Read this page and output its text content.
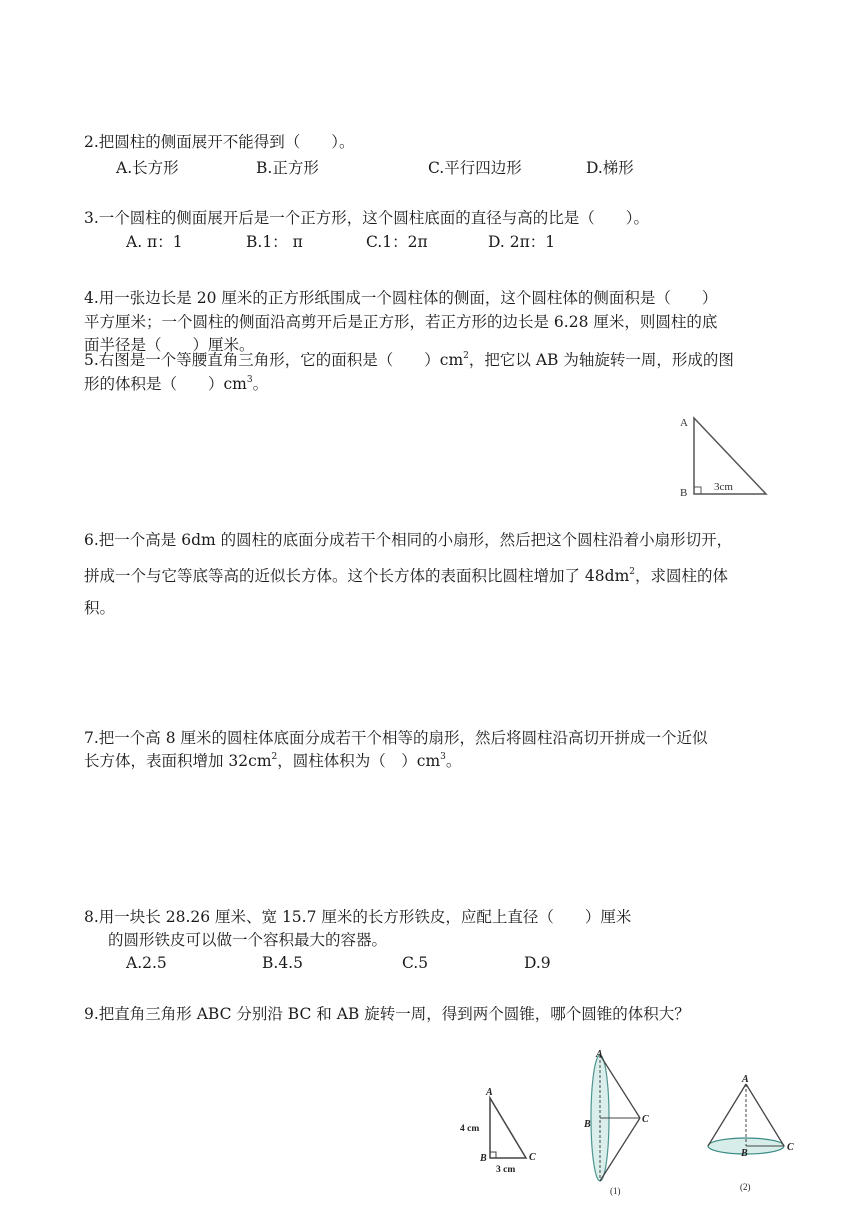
2.把圆柱的侧面展开不能得到（　　）。
A.长方形	B.正方形	C.平行四边形	D.梯形
3.一个圆柱的侧面展开后是一个正方形，这个圆柱底面的直径与高的比是（　　）。
A. π：1	B.1： π	C.1：2π	D. 2π：1
4.用一张边长是 20 厘米的正方形纸围成一个圆柱体的侧面，这个圆柱体的侧面积是（　　）
平方厘米；一个圆柱的侧面沿高剪开后是正方形，若正方形的边长是 6.28 厘米，则圆柱的底
面半径是（　　）厘米。
5.右图是一个等腰直角三角形，它的面积是（　　）$cm^2$，把它以 AB 为轴旋转一周，形成的图
形的体积是（　　）$cm^3$。
A
B 3cm
6.把一个高是 6dm 的圆柱的底面分成若干个相同的小扇形，然后把这个圆柱沿着小扇形切开，
拼成一个与它等底等高的近似长方体。这个长方体的表面积比圆柱增加了 $48dm^2$，求圆柱的体
积。
7.把一个高 8 厘米的圆柱体底面分成若干个相等的扇形，然后将圆柱沿高切开拼成一个近似
长方体，表面积增加 $32cm^2$，圆柱体积为（　）$cm^3$。
8.用一块长 28.26 厘米、宽 15.7 厘米的长方形铁皮，应配上直径（　　）厘米
的圆形铁皮可以做一个容积最大的容器。
A.2.5	B.4.5	C.5	D.9
9.把直角三角形 ABC 分别沿 BC 和 AB 旋转一周，得到两个圆锥，哪个圆锥的体积大？
A
B	C
4 cm
3 cm
A
B	C
(1)
A
B
C
(2)
